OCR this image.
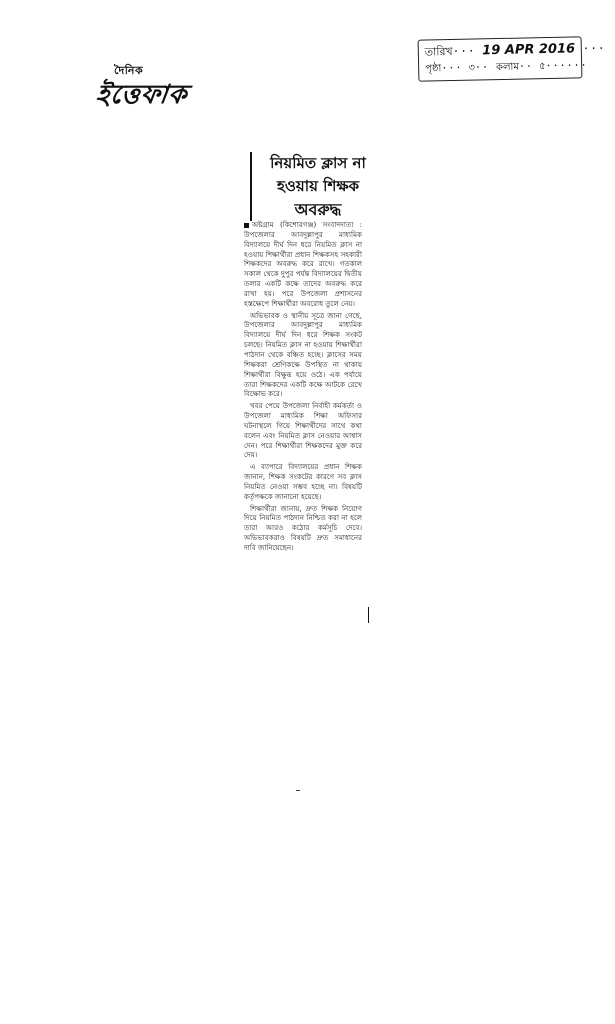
দৈনিক
ইত্তেফাক
তারিখ··· 19 APR 2016 ···
পৃষ্ঠা··· ৩·· কলাম·· ৫······
নিয়মিত ক্লাস না
হওয়ায় শিক্ষক

অবরুদ্ধ

অষ্টগ্রাম (কিশোরগঞ্জ) সংবাদদাতা : উপজেলার আবদুল্লাপুর মাধ্যমিক বিদ্যালয়ে দীর্ঘ দিন ধরে নিয়মিত ক্লাস না হওয়ায় শিক্ষার্থীরা প্রধান শিক্ষকসহ সহকারী শিক্ষকদের অবরুদ্ধ করে রাখে। গতকাল সকাল থেকে দুপুর পর্যন্ত বিদ্যালয়ের দ্বিতীয় তলার একটি কক্ষে তাদের অবরুদ্ধ করে রাখা হয়। পরে উপজেলা প্রশাসনের হস্তক্ষেপে শিক্ষার্থীরা অবরোধ তুলে নেয়।

অভিভাবক ও স্থানীয় সূত্রে জানা গেছে, উপজেলার আবদুল্লাপুর মাধ্যমিক বিদ্যালয়ে দীর্ঘ দিন ধরে শিক্ষক সংকট চলছে। নিয়মিত ক্লাস না হওয়ায় শিক্ষার্থীরা পাঠদান থেকে বঞ্চিত হচ্ছে। ক্লাসের সময় শিক্ষকরা শ্রেণিকক্ষে উপস্থিত না থাকায় শিক্ষার্থীরা বিক্ষুব্ধ হয়ে ওঠে। এক পর্যায়ে তারা শিক্ষকদের একটি কক্ষে আটকে রেখে বিক্ষোভ করে।

খবর পেয়ে উপজেলা নির্বাহী কর্মকর্তা ও উপজেলা মাধ্যমিক শিক্ষা অফিসার ঘটনাস্থলে গিয়ে শিক্ষার্থীদের সাথে কথা বলেন এবং নিয়মিত ক্লাস নেওয়ার আশ্বাস দেন। পরে শিক্ষার্থীরা শিক্ষকদের মুক্ত করে দেয়।

এ ব্যাপারে বিদ্যালয়ের প্রধান শিক্ষক জানান, শিক্ষক সংকটের কারণে সব ক্লাস নিয়মিত নেওয়া সম্ভব হচ্ছে না। বিষয়টি কর্তৃপক্ষকে জানানো হয়েছে।

শিক্ষার্থীরা জানায়, দ্রুত শিক্ষক নিয়োগ দিয়ে নিয়মিত পাঠদান নিশ্চিত করা না হলে তারা আরও কঠোর কর্মসূচি দেবে। অভিভাবকরাও বিষয়টি দ্রুত সমাধানের দাবি জানিয়েছেন।
